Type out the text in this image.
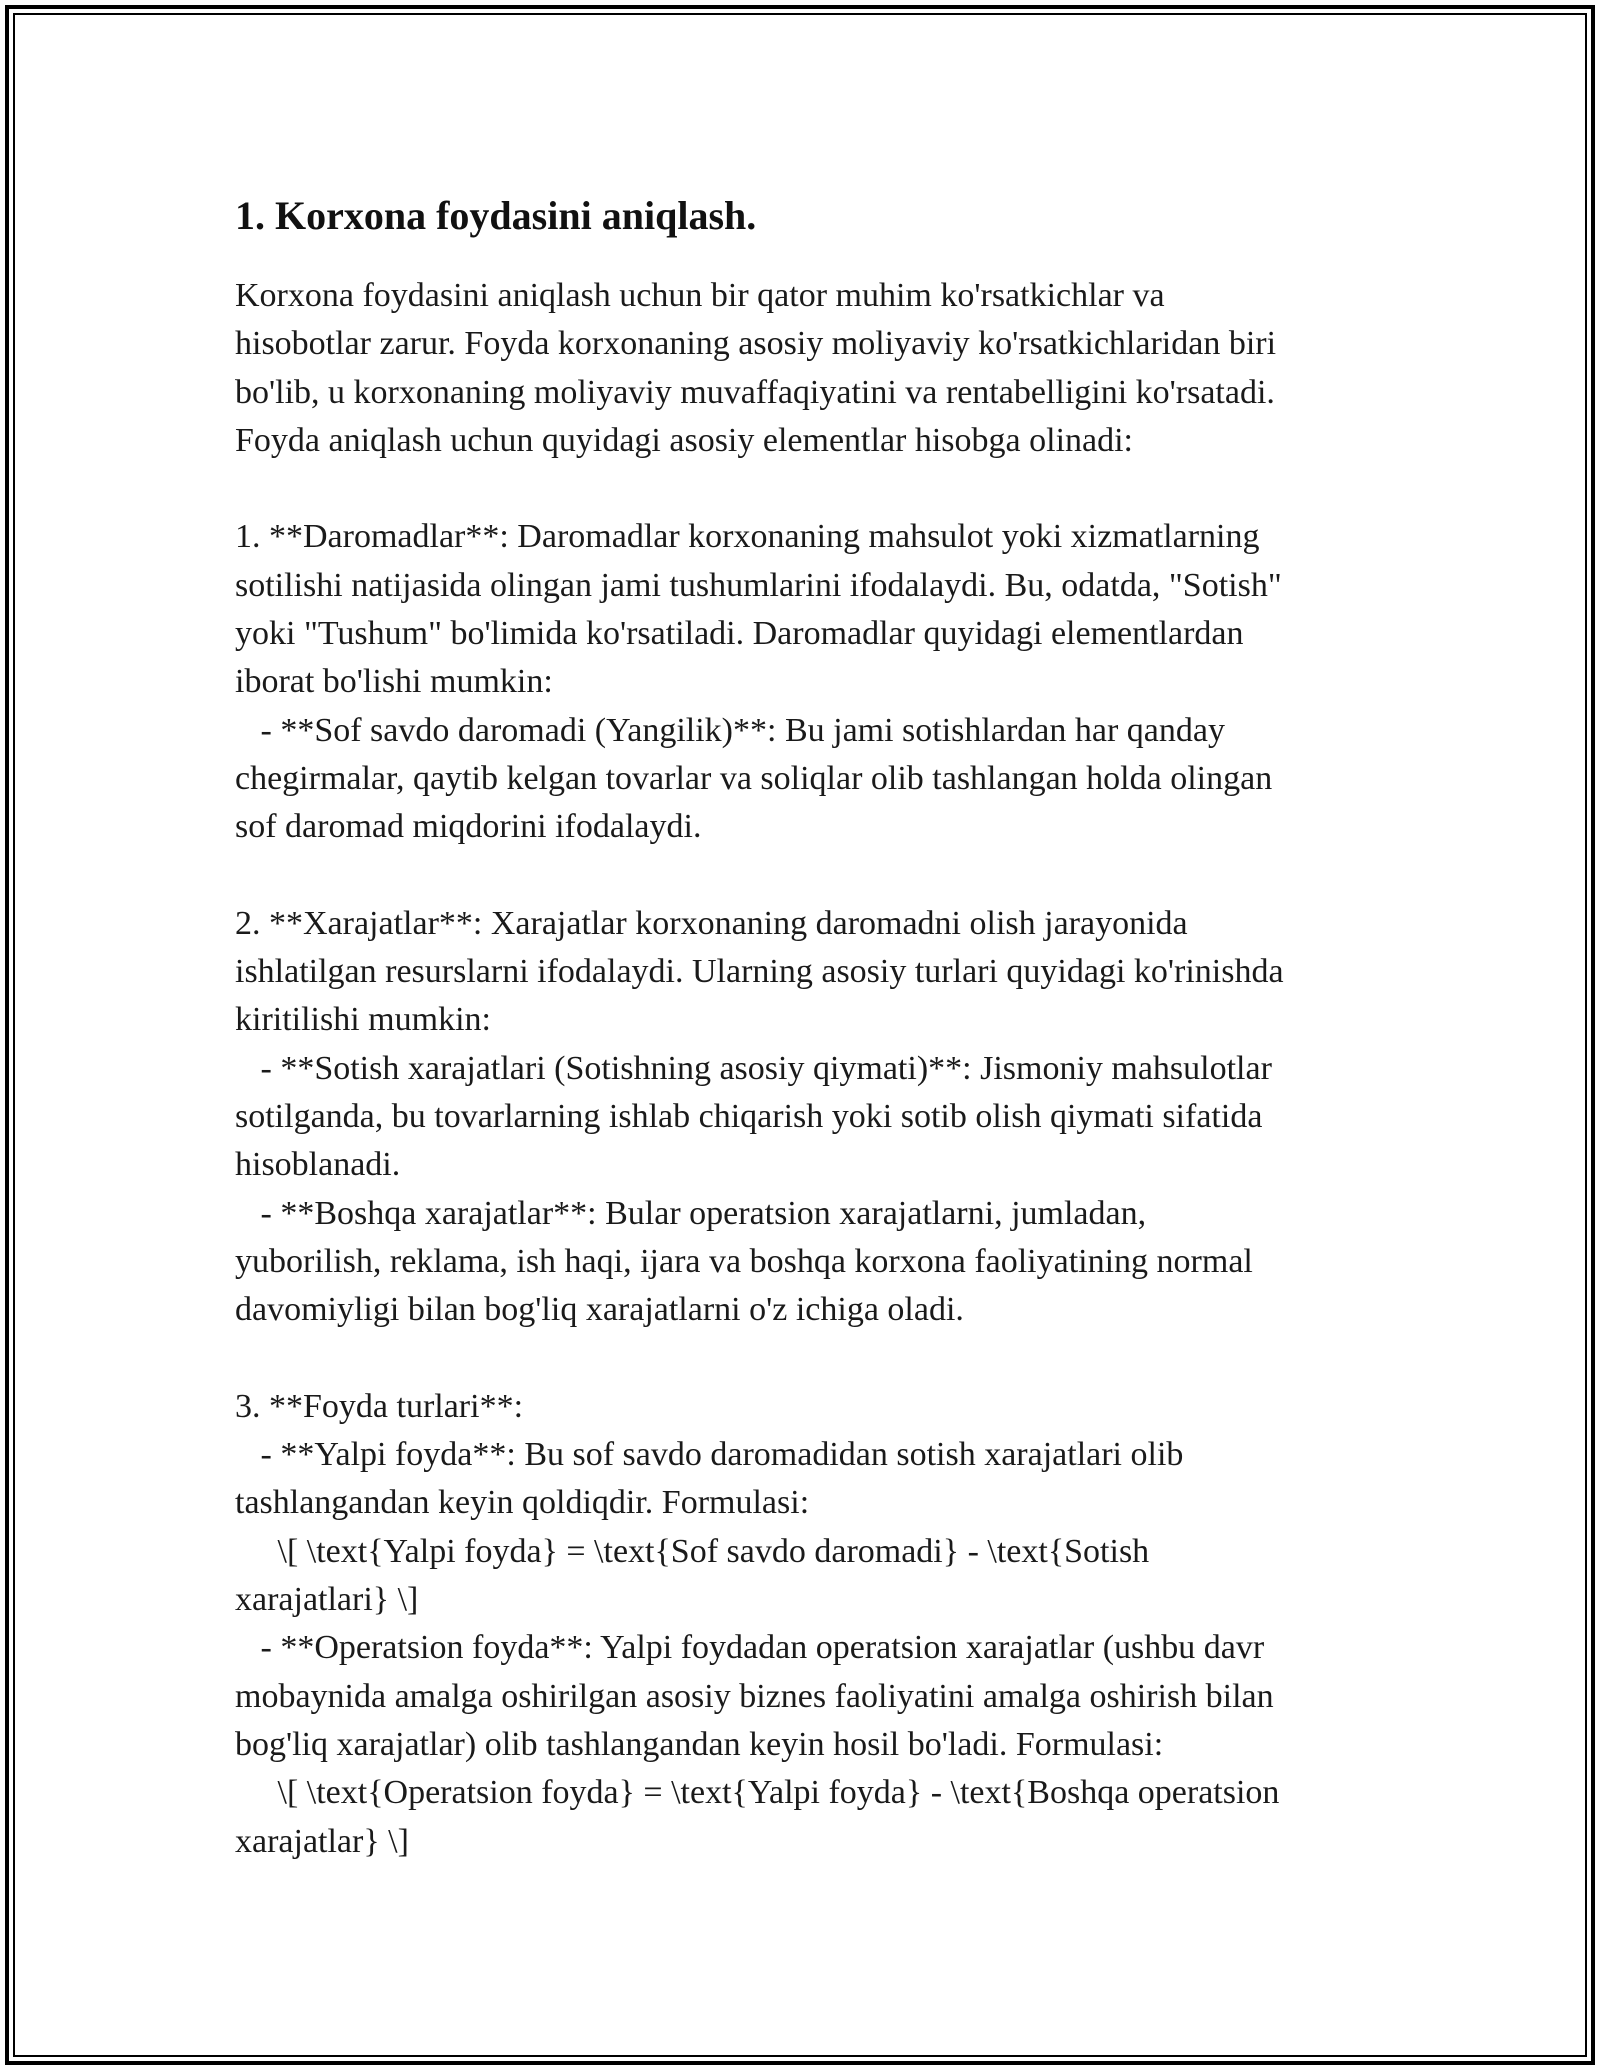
1. Korxona foydasini aniqlash.
Korxona foydasini aniqlash uchun bir qator muhim ko'rsatkichlar va
hisobotlar zarur. Foyda korxonaning asosiy moliyaviy ko'rsatkichlaridan biri
bo'lib, u korxonaning moliyaviy muvaffaqiyatini va rentabelligini ko'rsatadi.
Foyda aniqlash uchun quyidagi asosiy elementlar hisobga olinadi:
1. **Daromadlar**: Daromadlar korxonaning mahsulot yoki xizmatlarning
sotilishi natijasida olingan jami tushumlarini ifodalaydi. Bu, odatda, "Sotish"
yoki "Tushum" bo'limida ko'rsatiladi. Daromadlar quyidagi elementlardan
iborat bo'lishi mumkin:
- **Sof savdo daromadi (Yangilik)**: Bu jami sotishlardan har qanday
chegirmalar, qaytib kelgan tovarlar va soliqlar olib tashlangan holda olingan
sof daromad miqdorini ifodalaydi.
2. **Xarajatlar**: Xarajatlar korxonaning daromadni olish jarayonida
ishlatilgan resurslarni ifodalaydi. Ularning asosiy turlari quyidagi ko'rinishda
kiritilishi mumkin:
- **Sotish xarajatlari (Sotishning asosiy qiymati)**: Jismoniy mahsulotlar
sotilganda, bu tovarlarning ishlab chiqarish yoki sotib olish qiymati sifatida
hisoblanadi.
- **Boshqa xarajatlar**: Bular operatsion xarajatlarni, jumladan,
yuborilish, reklama, ish haqi, ijara va boshqa korxona faoliyatining normal
davomiyligi bilan bog'liq xarajatlarni o'z ichiga oladi.
3. **Foyda turlari**:
- **Yalpi foyda**: Bu sof savdo daromadidan sotish xarajatlari olib
tashlangandan keyin qoldiqdir. Formulasi:
\[ \text{Yalpi foyda} = \text{Sof savdo daromadi} - \text{Sotish
xarajatlari} \]
- **Operatsion foyda**: Yalpi foydadan operatsion xarajatlar (ushbu davr
mobaynida amalga oshirilgan asosiy biznes faoliyatini amalga oshirish bilan
bog'liq xarajatlar) olib tashlangandan keyin hosil bo'ladi. Formulasi:
\[ \text{Operatsion foyda} = \text{Yalpi foyda} - \text{Boshqa operatsion
xarajatlar} \]
